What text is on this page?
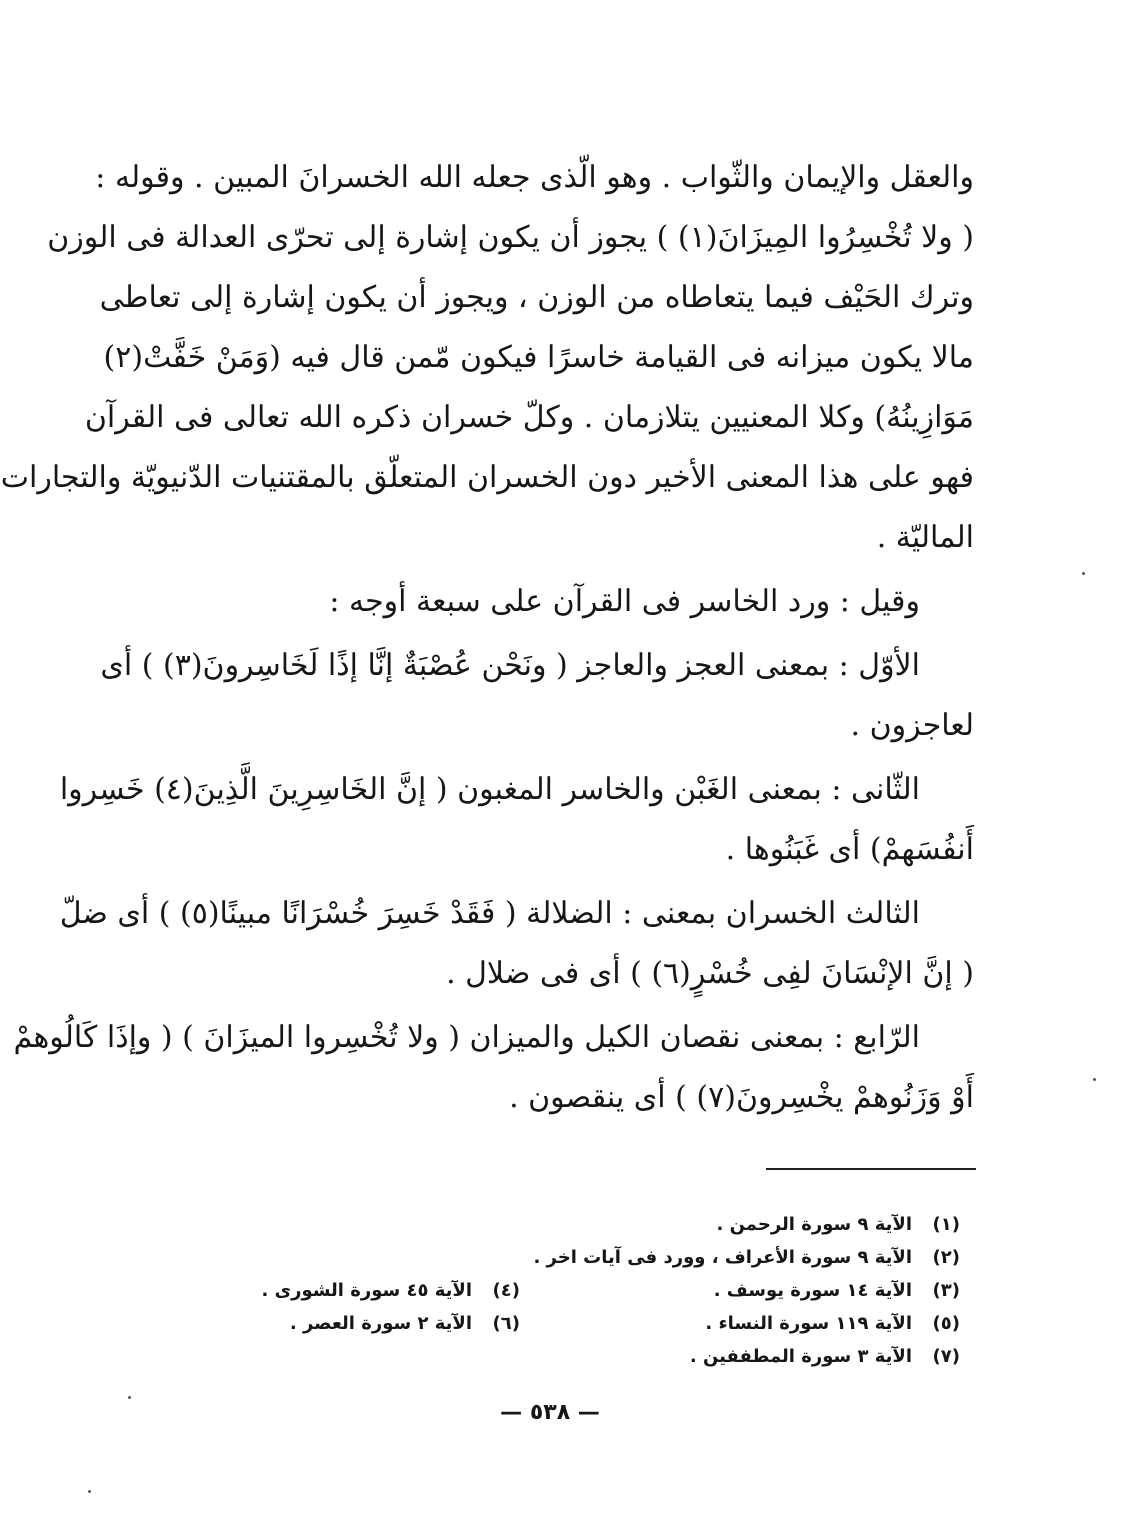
والعقل والإيمان والثّواب . وهو الّذى جعله الله الخسرانَ المبين . وقوله :
( ولا تُخْسِرُوا المِيزَانَ(١) ) يجوز أن يكون إشارة إلى تحرّى العدالة فى الوزن
وترك الحَيْف فيما يتعاطاه من الوزن ، ويجوز أن يكون إشارة إلى تعاطى
مالا يكون ميزانه فى القيامة خاسرًا فيكون مّمن قال فيه (وَمَنْ خَفَّتْ(٢)
مَوَازِينُهُ) وكلا المعنيين يتلازمان . وكلّ خسران ذكره الله تعالى فى القرآن
فهو على هذا المعنى الأخير دون الخسران المتعلّق بالمقتنيات الدّنيويّة والتجارات
الماليّة .
وقيل : ورد الخاسر فى القرآن على سبعة أوجه :
الأوّل : بمعنى العجز والعاجز ( ونَحْن عُصْبَةٌ إنَّا إذًا لَخَاسِرونَ(٣) ) أى
لعاجزون .
الثّانى : بمعنى الغَبْن والخاسر المغبون ( إنَّ الخَاسِرِينَ الَّذِينَ(٤) خَسِروا
أَنفُسَهمْ) أى غَبَنُوها .
الثالث الخسران بمعنى : الضلالة ( فَقَدْ خَسِرَ خُسْرَانًا مبينًا(٥) ) أى ضلّ
( إنَّ الإنْسَانَ لفِى خُسْرٍ(٦) ) أى فى ضلال .
الرّابع : بمعنى نقصان الكيل والميزان ( ولا تُخْسِروا الميزَانَ ) ( وإذَا كَالُوهمْ
أَوْ وَزَنُوهمْ يخْسِرونَ(٧) ) أى ينقصون .
(١)الآية ٩ سورة الرحمن .
(٢)الآية ٩ سورة الأعراف ، وورد فى آيات اخر .
(٣)الآية ١٤ سورة يوسف .
(٤)الآية ٤٥ سورة الشورى .
(٥)الآية ١١٩ سورة النساء .
(٦)الآية ٢ سورة العصر .
(٧)الآية ٣ سورة المطففين .
— ٥٣٨ —
